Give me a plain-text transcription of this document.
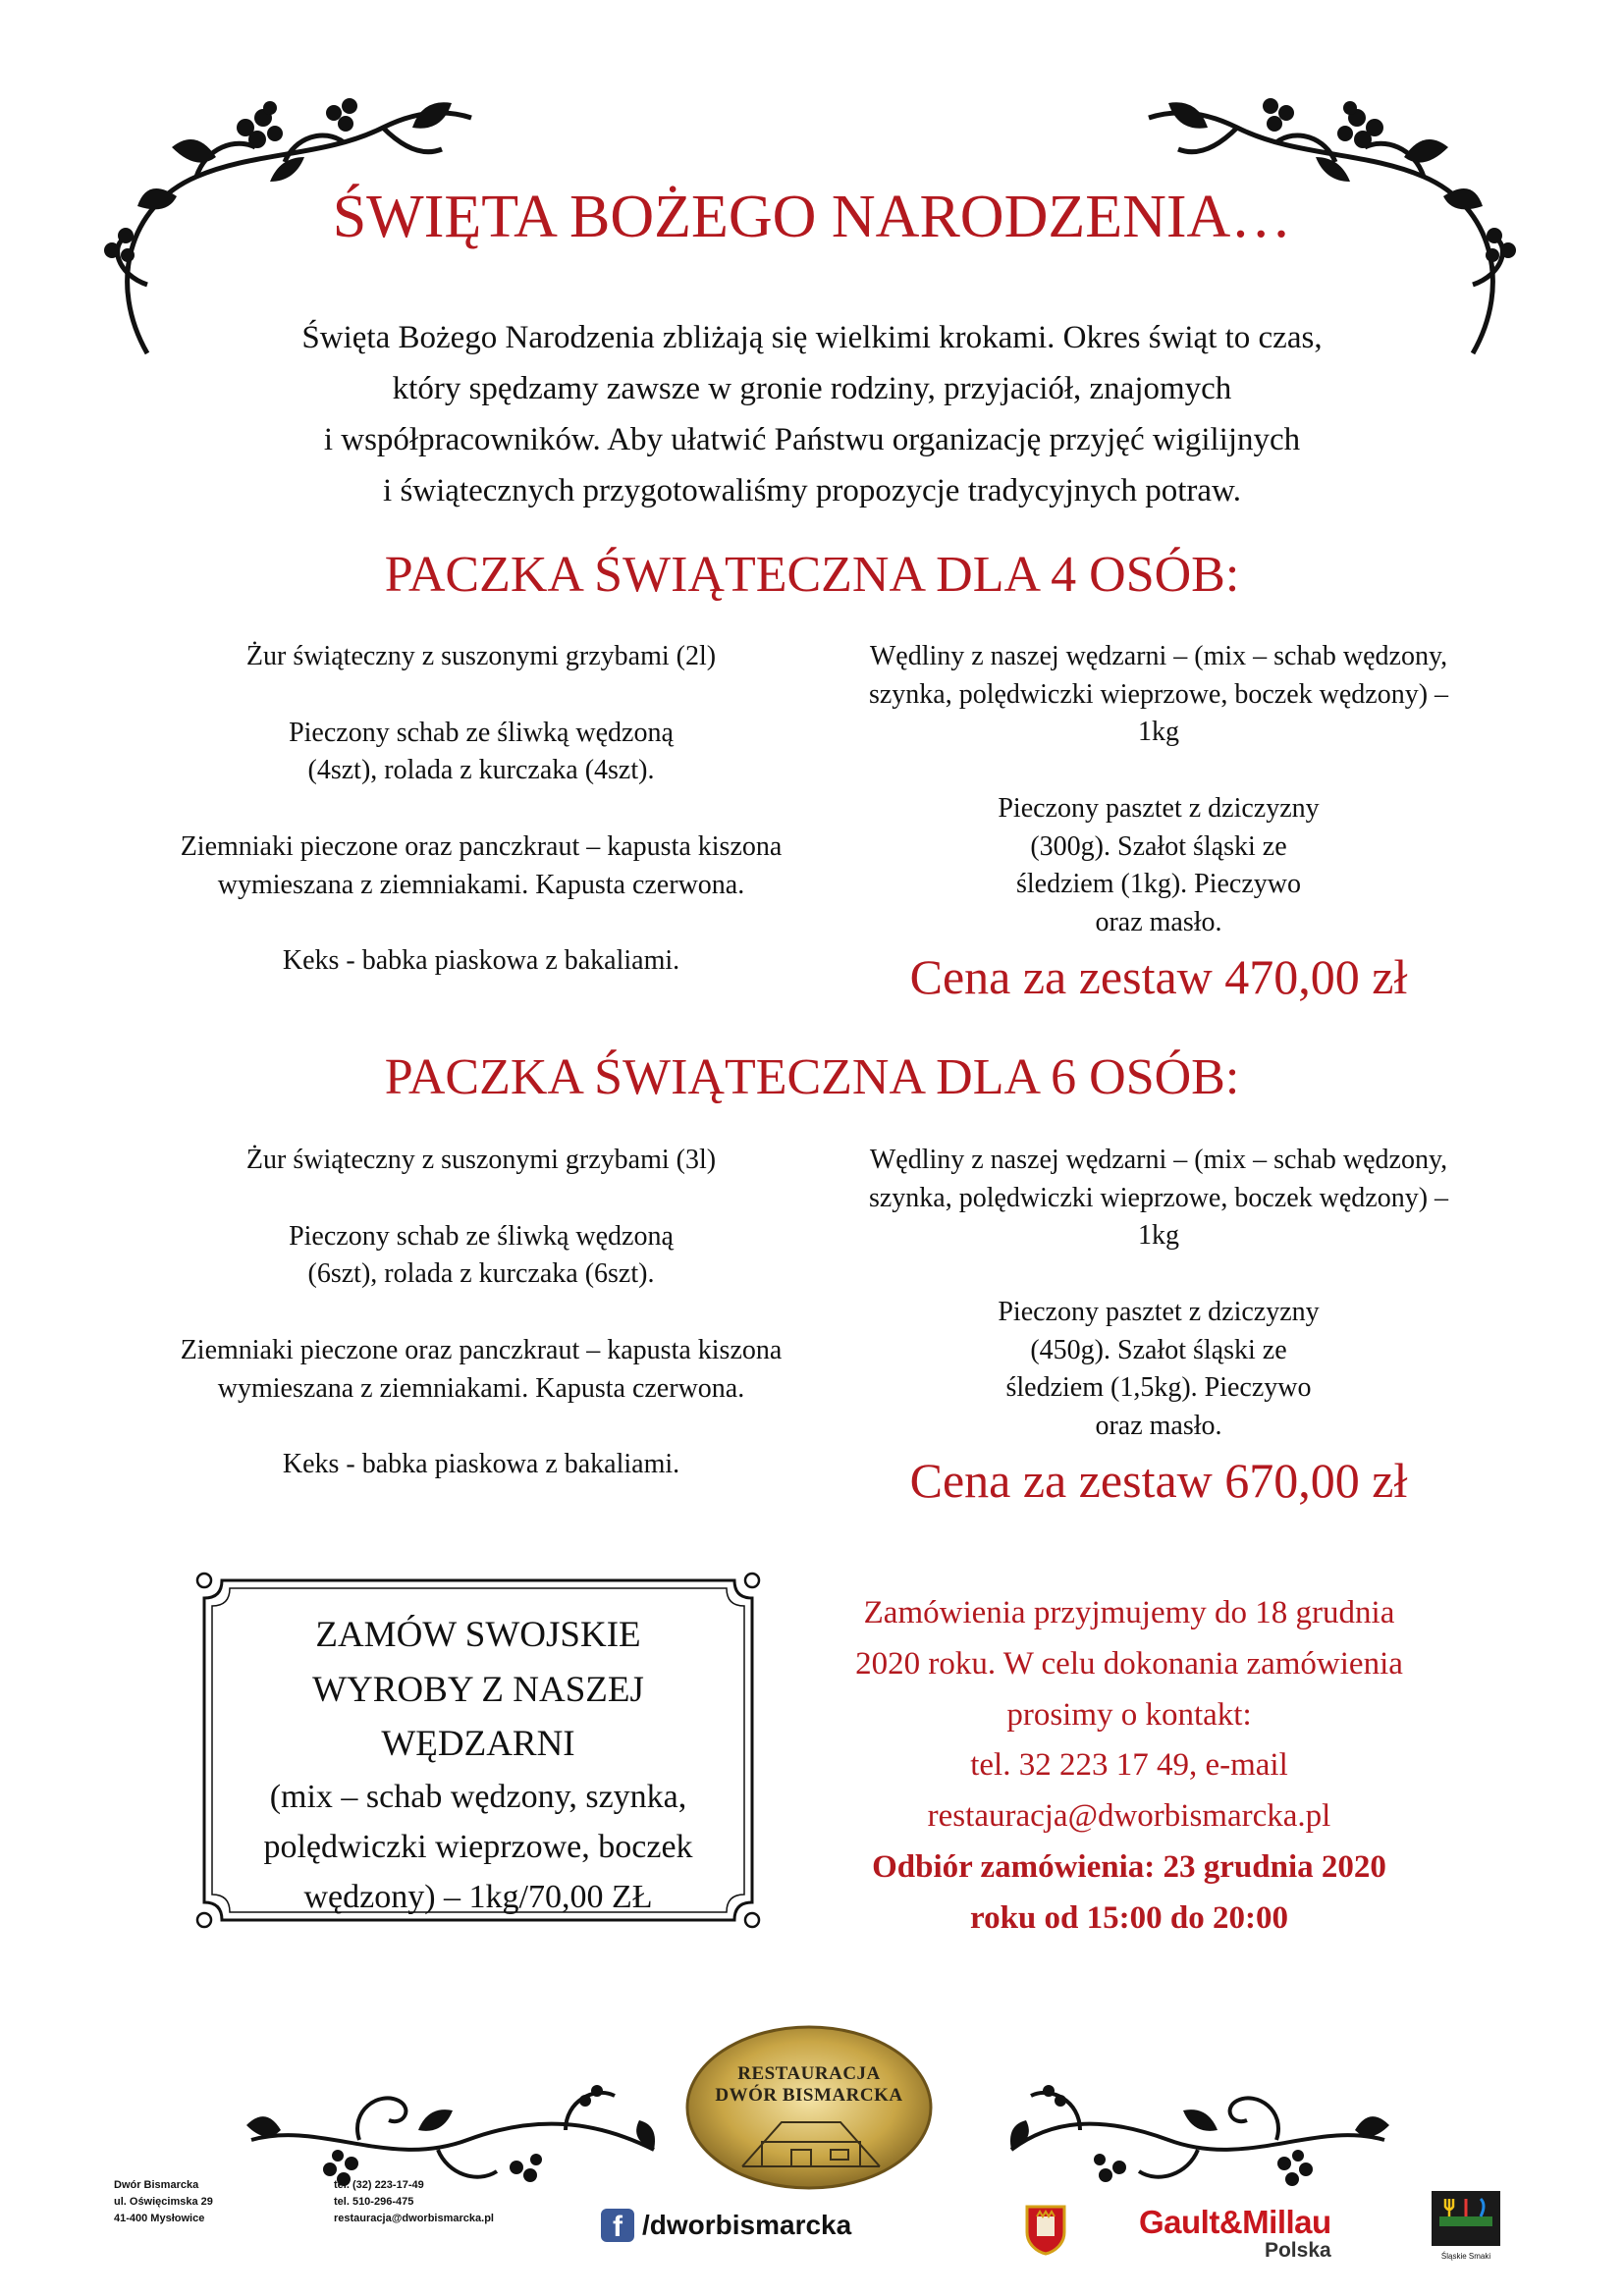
ŚWIĘTA BOŻEGO NARODZENIA…
Święta Bożego Narodzenia zbliżają się wielkimi krokami. Okres świąt to czas,
który spędzamy zawsze w gronie rodziny, przyjaciół, znajomych
i współpracowników. Aby ułatwić Państwu organizację przyjęć wigilijnych
i świątecznych przygotowaliśmy propozycje tradycyjnych potraw.
PACZKA ŚWIĄTECZNA DLA 4 OSÓB:

Żur świąteczny z suszonymi grzybami (2l)

Pieczony schab ze śliwką wędzoną (4szt), rolada z kurczaka (4szt).

Ziemniaki pieczone oraz panczkraut – kapusta kiszona wymieszana z ziemniakami. Kapusta czerwona.

Keks - babka piaskowa z bakaliami.

Wędliny z naszej wędzarni – (mix – schab wędzony, szynka, polędwiczki wieprzowe, boczek wędzony) – 1kg

Pieczony pasztet z dziczyzny (300g). Szałot śląski ze śledziem (1kg). Pieczywo oraz masło.

Cena za zestaw 470,00 zł
PACZKA ŚWIĄTECZNA DLA 6 OSÓB:

Żur świąteczny z suszonymi grzybami (3l)

Pieczony schab ze śliwką wędzoną (6szt), rolada z kurczaka (6szt).

Ziemniaki pieczone oraz panczkraut – kapusta kiszona wymieszana z ziemniakami. Kapusta czerwona.

Keks - babka piaskowa z bakaliami.

Wędliny z naszej wędzarni – (mix – schab wędzony, szynka, polędwiczki wieprzowe, boczek wędzony) – 1kg

Pieczony pasztet z dziczyzny (450g). Szałot śląski ze śledziem (1,5kg). Pieczywo oraz masło.

Cena za zestaw 670,00 zł
ZAMÓW SWOJSKIE
WYROBY Z NASZEJ
WĘDZARNI
(mix – schab wędzony, szynka, polędwiczki wieprzowe, boczek wędzony) – 1kg/70,00 ZŁ
Zamówienia przyjmujemy do 18 grudnia
2020 roku. W celu dokonania zamówienia
prosimy o kontakt:
tel. 32 223 17 49, e-mail
restauracja@dworbismarcka.pl
Odbiór zamówienia: 23 grudnia 2020
roku od 15:00 do 20:00
RESTAURACJA
DWÓR BISMARCKA
Dwór Bismarcka
ul. Oświęcimska 29
41-400 Mysłowice
tel. (32) 223-17-49
tel. 510-296-475
restauracja@dworbismarcka.pl	f /dworbismarcka	Gault&Millau
Polska	Śląskie Smaki
